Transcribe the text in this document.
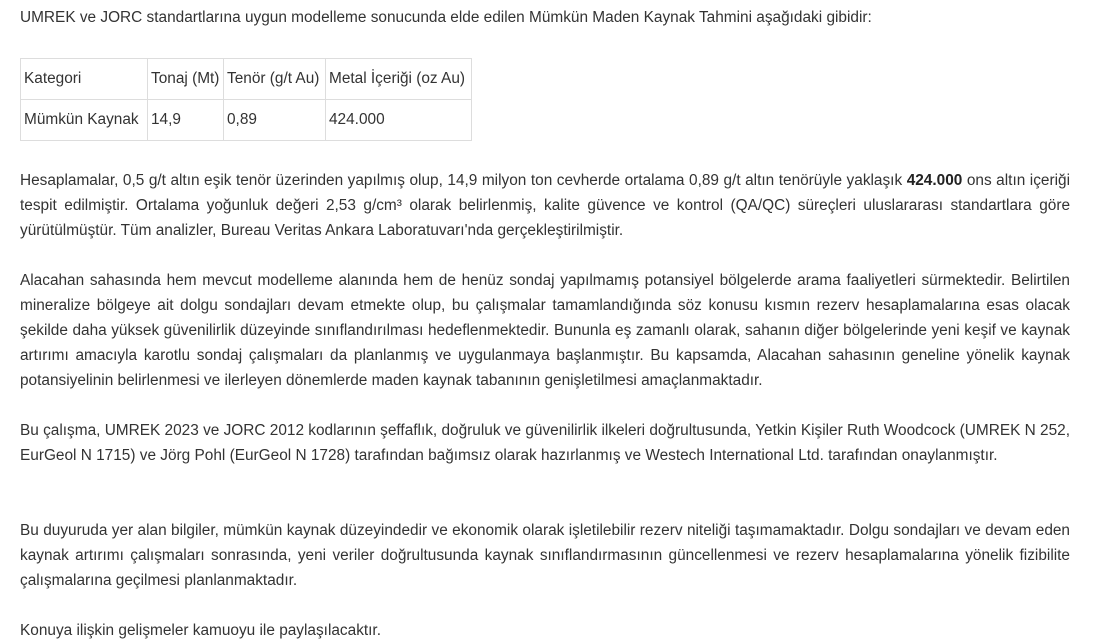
UMREK ve JORC standartlarına uygun modelleme sonucunda elde edilen Mümkün Maden Kaynak Tahmini aşağıdaki gibidir:

Kategori	Tonaj (Mt)	Tenör (g/t Au)	Metal İçeriği (oz Au)
Mümkün Kaynak	14,9	0,89	424.000

Hesaplamalar, 0,5 g/t altın eşik tenör üzerinden yapılmış olup, 14,9 milyon ton cevherde ortalama 0,89 g/t altın tenörüyle yaklaşık 424.000 ons altın içeriği tespit edilmiştir. Ortalama yoğunluk değeri 2,53 g/cm³ olarak belirlenmiş, kalite güvence ve kontrol (QA/QC) süreçleri uluslararası standartlara göre yürütülmüştür. Tüm analizler, Bureau Veritas Ankara Laboratuvarı'nda gerçekleştirilmiştir.

Alacahan sahasında hem mevcut modelleme alanında hem de henüz sondaj yapılmamış potansiyel bölgelerde arama faaliyetleri sürmektedir. Belirtilen mineralize bölgeye ait dolgu sondajları devam etmekte olup, bu çalışmalar tamamlandığında söz konusu kısmın rezerv hesaplamalarına esas olacak şekilde daha yüksek güvenilirlik düzeyinde sınıflandırılması hedeflenmektedir. Bununla eş zamanlı olarak, sahanın diğer bölgelerinde yeni keşif ve kaynak artırımı amacıyla karotlu sondaj çalışmaları da planlanmış ve uygulanmaya başlanmıştır. Bu kapsamda, Alacahan sahasının geneline yönelik kaynak potansiyelinin belirlenmesi ve ilerleyen dönemlerde maden kaynak tabanının genişletilmesi amaçlanmaktadır.

Bu çalışma, UMREK 2023 ve JORC 2012 kodlarının şeffaflık, doğruluk ve güvenilirlik ilkeleri doğrultusunda, Yetkin Kişiler Ruth Woodcock (UMREK N 252, EurGeol N 1715) ve Jörg Pohl (EurGeol N 1728) tarafından bağımsız olarak hazırlanmış ve Westech International Ltd. tarafından onaylanmıştır.

Bu duyuruda yer alan bilgiler, mümkün kaynak düzeyindedir ve ekonomik olarak işletilebilir rezerv niteliği taşımamaktadır. Dolgu sondajları ve devam eden kaynak artırımı çalışmaları sonrasında, yeni veriler doğrultusunda kaynak sınıflandırmasının güncellenmesi ve rezerv hesaplamalarına yönelik fizibilite çalışmalarına geçilmesi planlanmaktadır.

Konuya ilişkin gelişmeler kamuoyu ile paylaşılacaktır.
